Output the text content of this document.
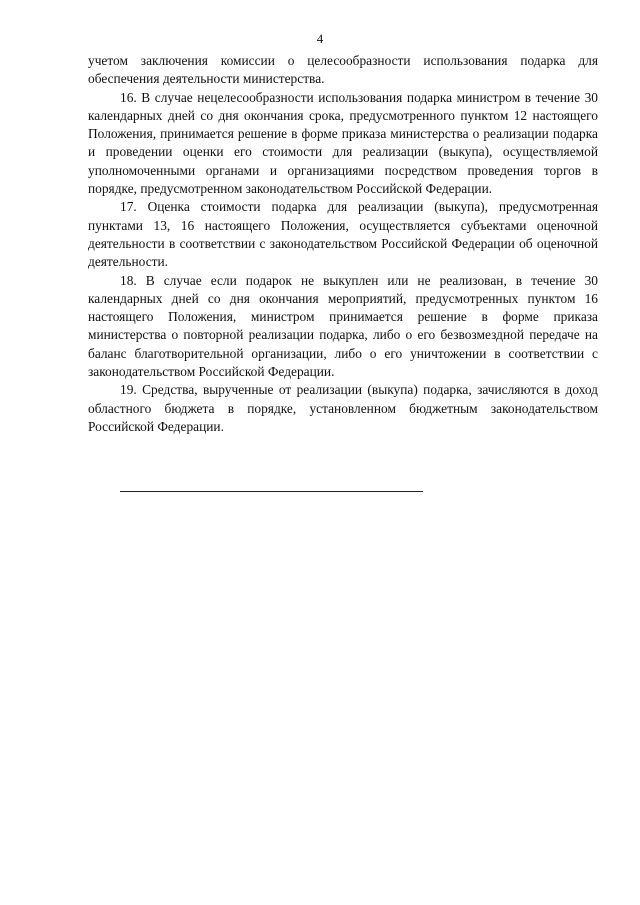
4

учетом заключения комиссии о целесообразности использования подарка для обеспечения деятельности министерства.

16. В случае нецелесообразности использования подарка министром в течение 30 календарных дней со дня окончания срока, предусмотренного пунктом 12 настоящего Положения, принимается решение в форме приказа министерства о реализации подарка и проведении оценки его стоимости для реализации (выкупа), осуществляемой уполномоченными органами и организациями посредством проведения торгов в порядке, предусмотренном законодательством Российской Федерации.

17. Оценка стоимости подарка для реализации (выкупа), предусмотренная пунктами 13, 16 настоящего Положения, осуществляется субъектами оценочной деятельности в соответствии с законодательством Российской Федерации об оценочной деятельности.

18. В случае если подарок не выкуплен или не реализован, в течение 30 календарных дней со дня окончания мероприятий, предусмотренных пунктом 16 настоящего Положения, министром принимается решение в форме приказа министерства о повторной реализации подарка, либо о его безвозмездной передаче на баланс благотворительной организации, либо о его уничтожении в соответствии с законодательством Российской Федерации.

19. Средства, вырученные от реализации (выкупа) подарка, зачисляются в доход областного бюджета в порядке, установленном бюджетным законодательством Российской Федерации.
